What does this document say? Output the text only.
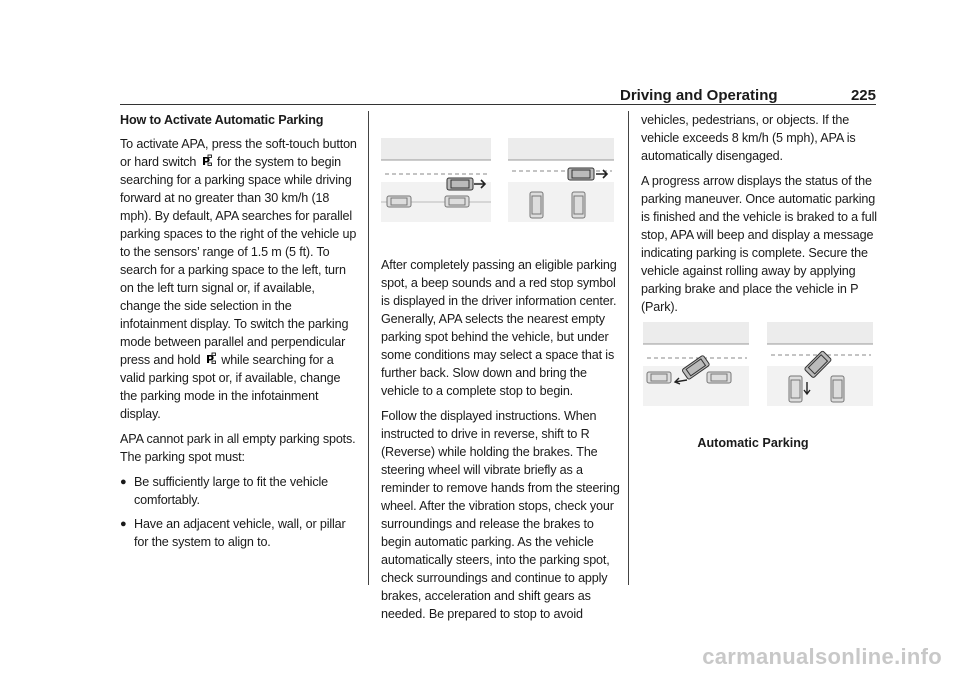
Driving and Operating	225
How to Activate Automatic Parking

To activate APA, press the soft-touch button or hard switch P for the system to begin searching for a parking space while driving forward at no greater than 30 km/h (18 mph). By default, APA searches for parallel parking spaces to the right of the vehicle up to the sensors’ range of 1.5 m (5 ft). To search for a parking space to the left, turn on the left turn signal or, if available, change the side selection in the infotainment display. To switch the parking mode between parallel and perpendicular press and hold P while searching for a valid parking spot or, if available, change the parking mode in the infotainment display.

APA cannot park in all empty parking spots. The parking spot must:

● Be sufficiently large to fit the vehicle comfortably.
● Have an adjacent vehicle, wall, or pillar for the system to align to.

After completely passing an eligible parking spot, a beep sounds and a red stop symbol is displayed in the driver information center. Generally, APA selects the nearest empty parking spot behind the vehicle, but under some conditions may select a space that is further back. Slow down and bring the vehicle to a complete stop to begin.

Follow the displayed instructions. When instructed to drive in reverse, shift to R (Reverse) while holding the brakes. The steering wheel will vibrate briefly as a reminder to remove hands from the steering wheel. After the vibration stops, check your surroundings and release the brakes to begin automatic parking. As the vehicle automatically steers, into the parking spot, check surroundings and continue to apply brakes, acceleration and shift gears as needed. Be prepared to stop to avoid

vehicles, pedestrians, or objects. If the vehicle exceeds 8 km/h (5 mph), APA is automatically disengaged.

A progress arrow displays the status of the parking maneuver. Once automatic parking is finished and the vehicle is braked to a full stop, APA will beep and display a message indicating parking is complete. Secure the vehicle against rolling away by applying parking brake and place the vehicle in P (Park).

Automatic Parking
carmanualsonline.info
